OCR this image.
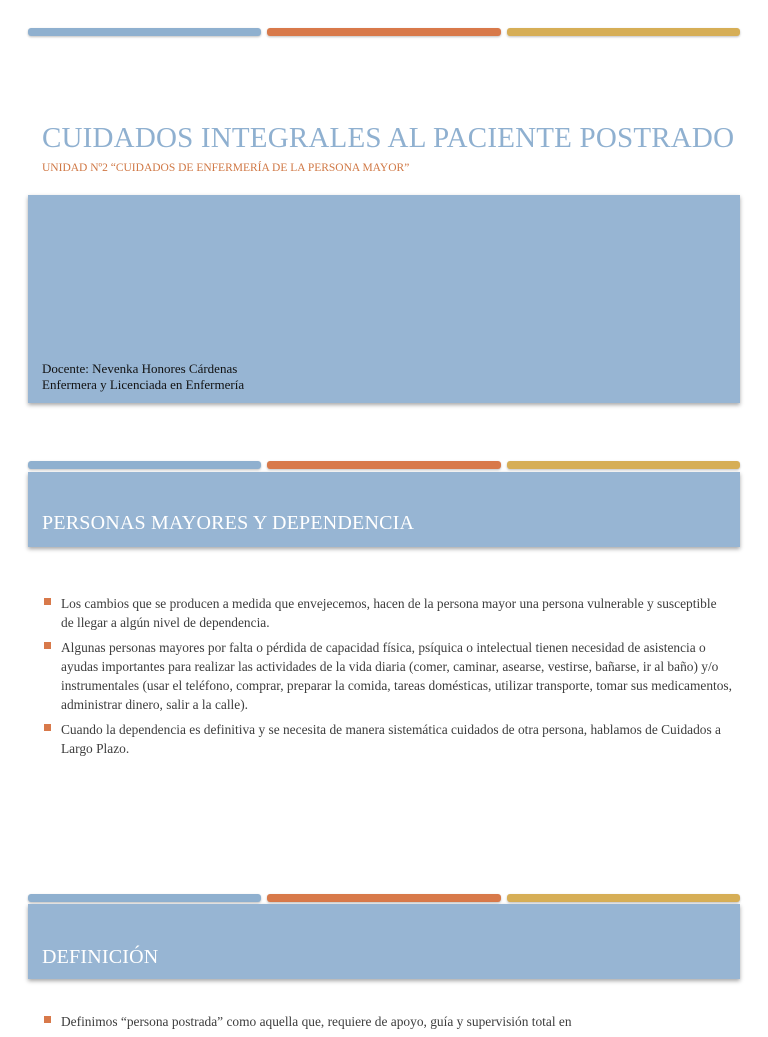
CUIDADOS INTEGRALES AL PACIENTE POSTRADO

UNIDAD Nº2 “CUIDADOS DE ENFERMERÍA DE LA PERSONA MAYOR”

Docente: Nevenka Honores Cárdenas
Enfermera y Licenciada en Enfermería
PERSONAS MAYORES Y DEPENDENCIA
Los cambios que se producen a medida que envejecemos, hacen de la persona mayor una persona vulnerable y susceptible de llegar a algún nivel de dependencia.
Algunas personas mayores por falta o pérdida de capacidad física, psíquica o intelectual tienen necesidad de asistencia o ayudas importantes para realizar las actividades de la vida diaria (comer, caminar, asearse, vestirse, bañarse, ir al baño) y/o instrumentales (usar el teléfono, comprar, preparar la comida, tareas domésticas, utilizar transporte, tomar sus medicamentos, administrar dinero, salir a la calle).
Cuando la dependencia es definitiva y se necesita de manera sistemática cuidados de otra persona, hablamos de Cuidados a Largo Plazo.
DEFINICIÓN
Definimos “persona postrada” como aquella que, requiere de apoyo, guía y supervisión total en
